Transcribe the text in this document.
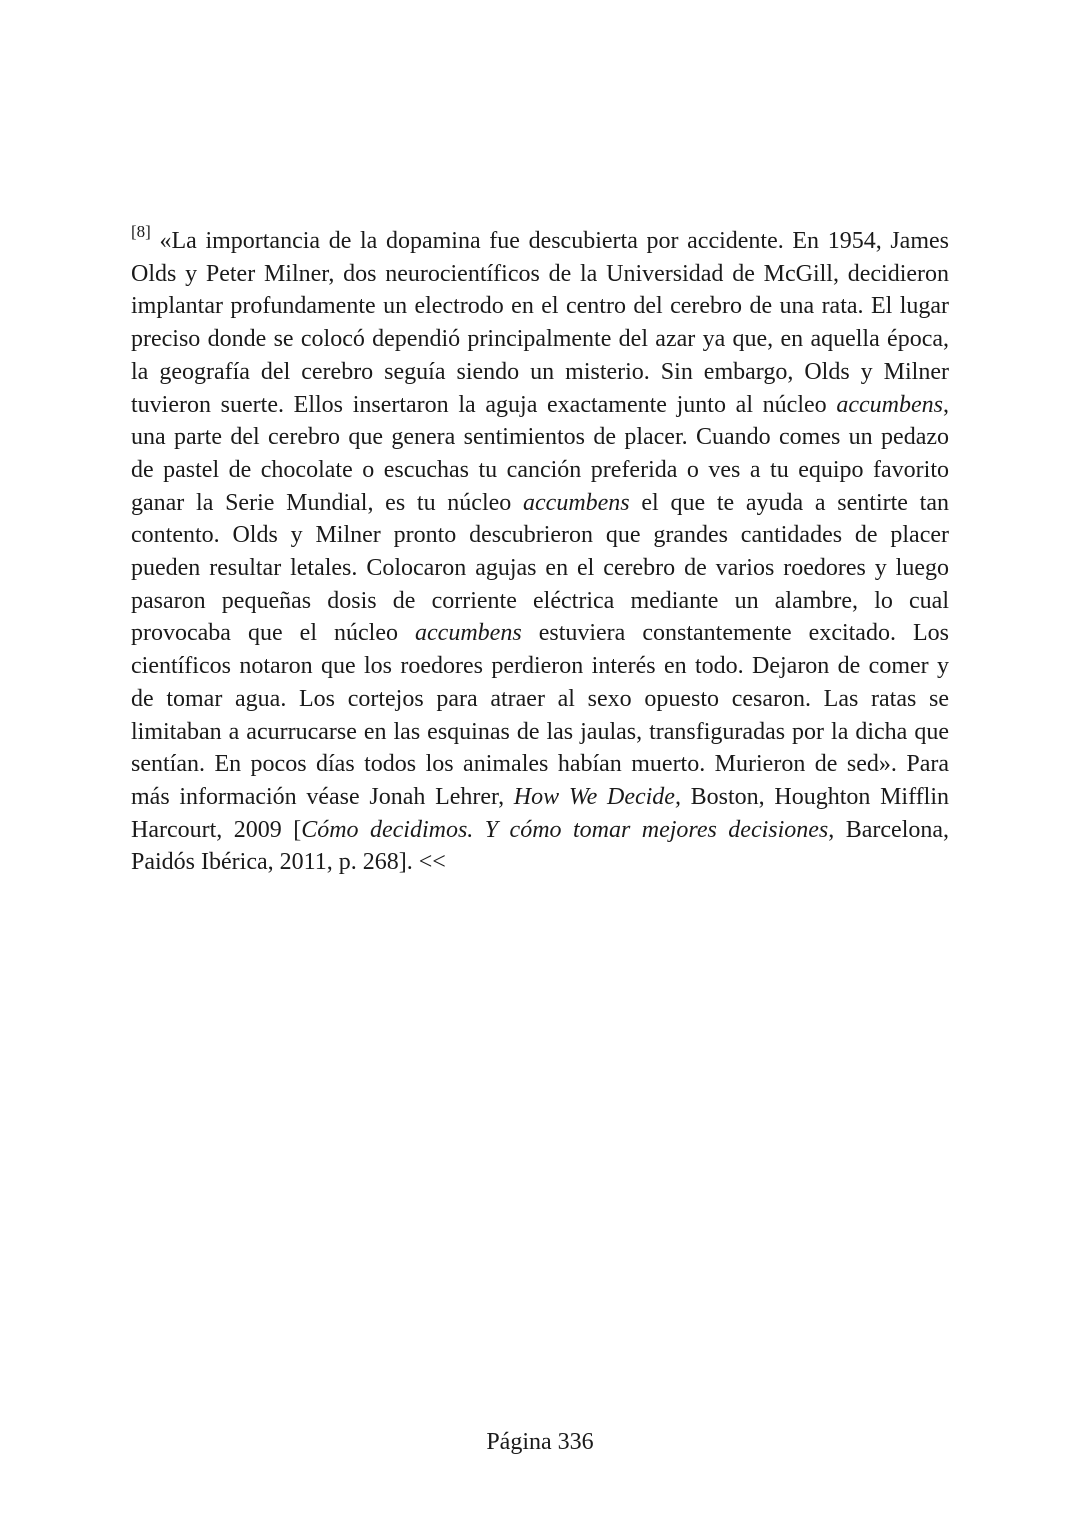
[8] «La importancia de la dopamina fue descubierta por accidente. En 1954, James Olds y Peter Milner, dos neurocientíficos de la Universidad de McGill, decidieron implantar profundamente un electrodo en el centro del cerebro de una rata. El lugar preciso donde se colocó dependió principalmente del azar ya que, en aquella época, la geografía del cerebro seguía siendo un misterio. Sin embargo, Olds y Milner tuvieron suerte. Ellos insertaron la aguja exactamente junto al núcleo accumbens, una parte del cerebro que genera sentimientos de placer. Cuando comes un pedazo de pastel de chocolate o escuchas tu canción preferida o ves a tu equipo favorito ganar la Serie Mundial, es tu núcleo accumbens el que te ayuda a sentirte tan contento. Olds y Milner pronto descubrieron que grandes cantidades de placer pueden resultar letales. Colocaron agujas en el cerebro de varios roedores y luego pasaron pequeñas dosis de corriente eléctrica mediante un alambre, lo cual provocaba que el núcleo accumbens estuviera constantemente excitado. Los científicos notaron que los roedores perdieron interés en todo. Dejaron de comer y de tomar agua. Los cortejos para atraer al sexo opuesto cesaron. Las ratas se limitaban a acurrucarse en las esquinas de las jaulas, transfiguradas por la dicha que sentían. En pocos días todos los animales habían muerto. Murieron de sed». Para más información véase Jonah Lehrer, How We Decide, Boston, Houghton Mifflin Harcourt, 2009 [Cómo decidimos. Y cómo tomar mejores decisiones, Barcelona, Paidós Ibérica, 2011, p. 268]. <<

Página 336
